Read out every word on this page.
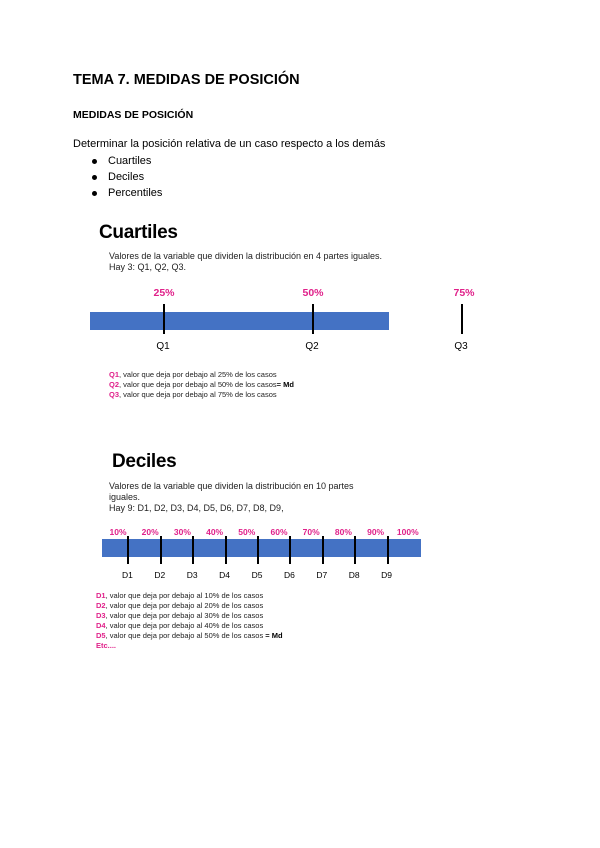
TEMA 7. MEDIDAS DE POSICIÓN
MEDIDAS DE POSICIÓN
Determinar la posición relativa de un caso respecto a los demás
Cuartiles
Deciles
Percentiles
Cuartiles
Valores de la variable que dividen la distribución en 4 partes iguales.
Hay 3: Q1, Q2, Q3.
25%	50%	75%
Q1	Q2	Q3
Q1, valor que deja por debajo al 25% de los casos
Q2, valor que deja por debajo al 50% de los casos= Md
Q3, valor que deja por debajo al 75% de los casos
Deciles
Valores de la variable que dividen la distribución en 10 partes
iguales.
Hay 9: D1, D2, D3, D4, D5, D6, D7, D8, D9,
10% 20% 30% 40% 50% 60% 70% 80% 90% 100%
D1	D2	D3	D4	D5	D6	D7	D8	D9
D1, valor que deja por debajo al 10% de los casos
D2, valor que deja por debajo al 20% de los casos
D3, valor que deja por debajo al 30% de los casos
D4, valor que deja por debajo al 40% de los casos
D5, valor que deja por debajo al 50% de los casos = Md
Etc....
